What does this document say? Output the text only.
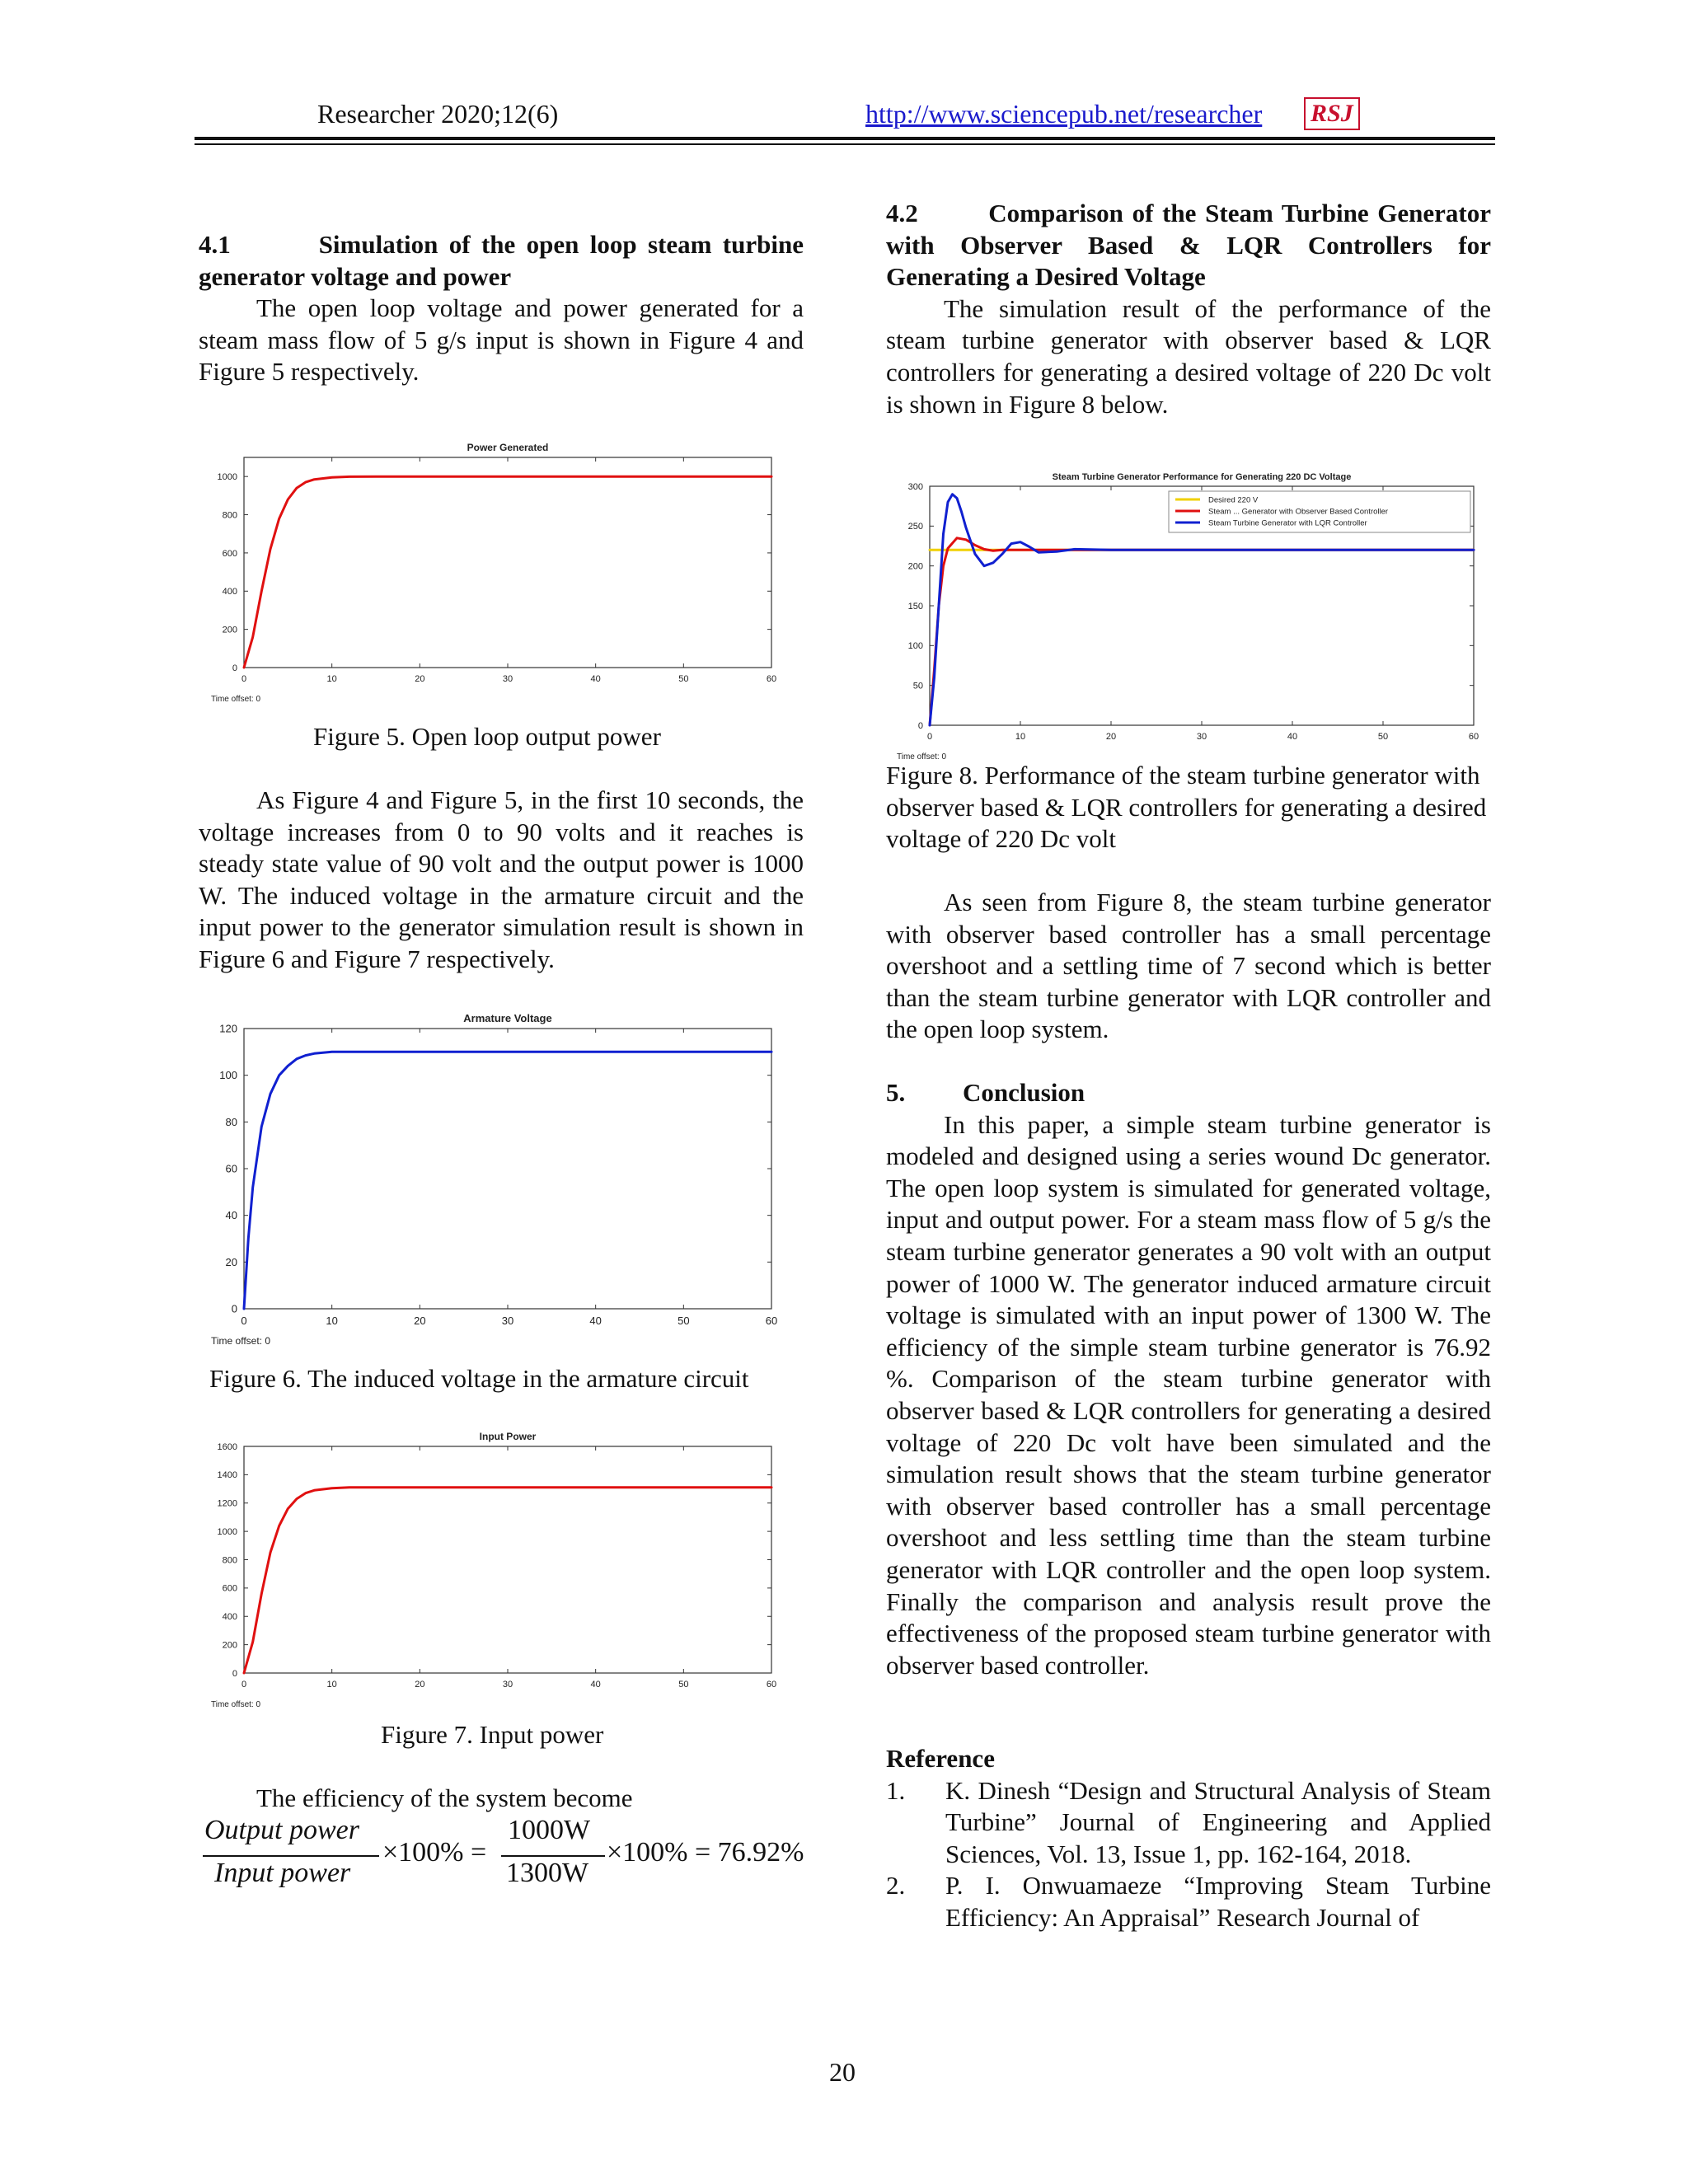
Researcher 2020;12(6)	http://www.sciencepub.net/researcher RSJ

4.1        Simulation of the open loop steam turbine generator voltage and power

The open loop voltage and power generated for a steam mass flow of 5 g/s input is shown in Figure 4 and Figure 5 respectively.

Power Generated
0	10	20	30	40	50	60
0
200
400
600
800
1000
Time offset: 0
Figure 5. Open loop output power

As Figure 4 and Figure 5, in the first 10 seconds, the voltage increases from 0 to 90 volts and it reaches is steady state value of 90 volt and the output power is 1000 W. The induced voltage in the armature circuit and the input power to the generator simulation result is shown in Figure 6 and Figure 7 respectively.

Armature Voltage
0	10	20	30	40	50	60
0
20
40
60
80
100
120
Time offset: 0
Figure 6. The induced voltage in the armature circuit
Input Power
0	10	20	30	40	50	60
0
200
400
600
800
1000
1200
1400
1600
Time offset: 0
Figure 7. Input power

The efficiency of the system become

Output power
Input power
×100% =
1000W
1300W
×100% = 76.92%

4.2        Comparison of the Steam Turbine Generator with Observer Based & LQR Controllers for Generating a Desired Voltage

The simulation result of the performance of the steam turbine generator with observer based & LQR controllers for generating a desired voltage of 220 Dc volt is shown in Figure 8 below.

Steam Turbine Generator Performance for Generating 220 DC Voltage
0	10	20	30	40	50	60
0
50
100
150
200
250
300
Time offset: 0
Desired 220 V
Steam ... Generator with Observer Based Controller
Steam Turbine Generator with LQR Controller

Figure 8. Performance of the steam turbine generator with observer based & LQR controllers for generating a desired voltage of 220 Dc volt

As seen from Figure 8, the steam turbine generator with observer based controller has a small percentage overshoot and a settling time of 7 second which is better than the steam turbine generator with LQR controller and the open loop system.

5.         Conclusion

In this paper, a simple steam turbine generator is modeled and designed using a series wound Dc generator. The open loop system is simulated for generated voltage, input and output power. For a steam mass flow of 5 g/s the steam turbine generator generates a 90 volt with an output power of 1000 W. The generator induced armature circuit voltage is simulated with an input power of 1300 W. The efficiency of the simple steam turbine generator is 76.92 %. Comparison of the steam turbine generator with observer based & LQR controllers for generating a desired voltage of 220 Dc volt have been simulated and the simulation result shows that the steam turbine generator with observer based controller has a small percentage overshoot and less settling time than the steam turbine generator with LQR controller and the open loop system. Finally the comparison and analysis result prove the effectiveness of the proposed steam turbine generator with observer based controller.

Reference

1. K. Dinesh “Design and Structural Analysis of Steam Turbine” Journal of Engineering and Applied Sciences, Vol. 13, Issue 1, pp. 162-164, 2018.
2. P. I. Onwuamaeze “Improving Steam Turbine Efficiency: An Appraisal” Research Journal of
20
